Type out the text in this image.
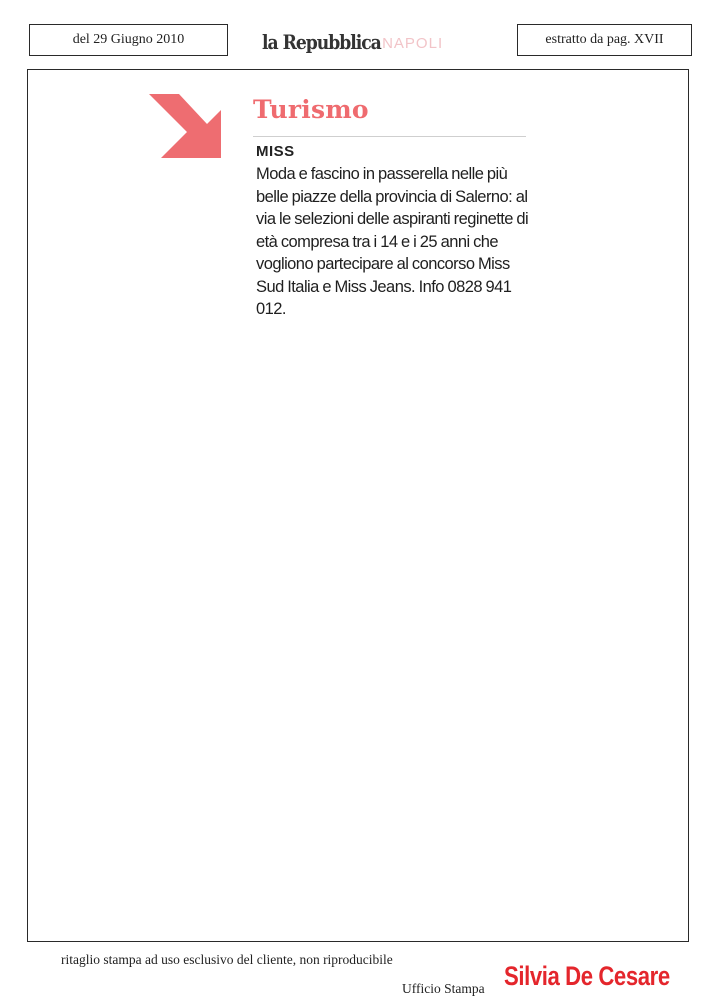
del 29 Giugno 2010	la Repubblica NAPOLI	estratto da pag. XVII
Turismo
MISS

Moda e fascino in passerella nelle più belle piazze della provincia di Salerno: al via le selezioni delle aspiranti reginette di età compresa tra i 14 e i 25 anni che vogliono partecipare al concorso Miss Sud Italia e Miss Jeans. Info 0828 941 012.

ritaglio stampa ad uso esclusivo del cliente, non riproducibile
Ufficio Stampa Silvia De Cesare
